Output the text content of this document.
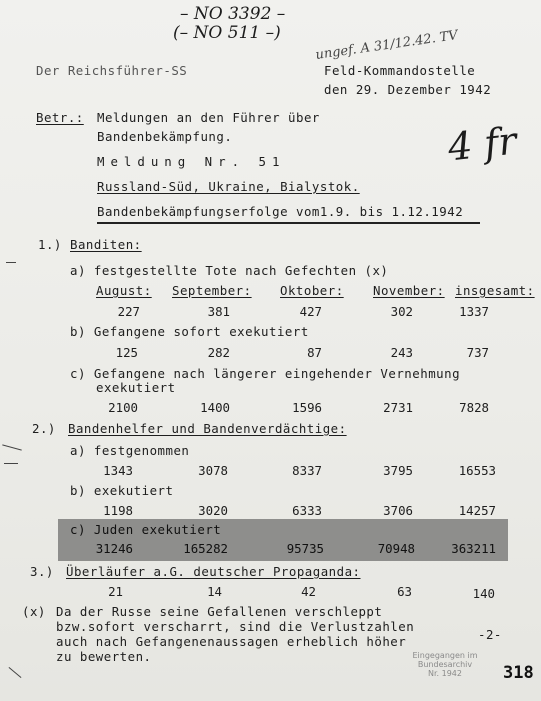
– NO 3392 –
(– NO 511 –)	ungef. A 31/12.42. TV
4 fr
Der Reichsführer-SS	Feld-Kommandostelle
den 29. Dezember 1942
Betr.: Meldungen an den Führer über
Bandenbekämpfung.
Meldung Nr. 51
Russland-Süd, Ukraine, Bialystok.
Bandenbekämpfungserfolge vom1.9. bis 1.12.1942
1.) Banditen:
a) festgestellte Tote nach Gefechten (x)
August: September: Oktober: November: insgesamt:
227	381	427	302	1337
b) Gefangene sofort exekutiert
125	282	87	243	737
c) Gefangene nach längerer eingehender Vernehmung
exekutiert
2100	1400	1596	2731	7828
2.) Bandenhelfer und Bandenverdächtige:
a) festgenommen
1343	3078	8337	3795	16553
b) exekutiert
1198	3020	6333	3706	14257
c) Juden exekutiert
31246	165282	95735	70948	363211
3.) Überläufer a.G. deutscher Propaganda:
21	14	42	63	140
(x) Da der Russe seine Gefallenen verschleppt
bzw.sofort verscharrt, sind die Verlustzahlen
auch nach Gefangenenaussagen erheblich höher
zu bewerten.
-2-
Eingegangen im
Bundesarchiv
Nr. 1942	318
